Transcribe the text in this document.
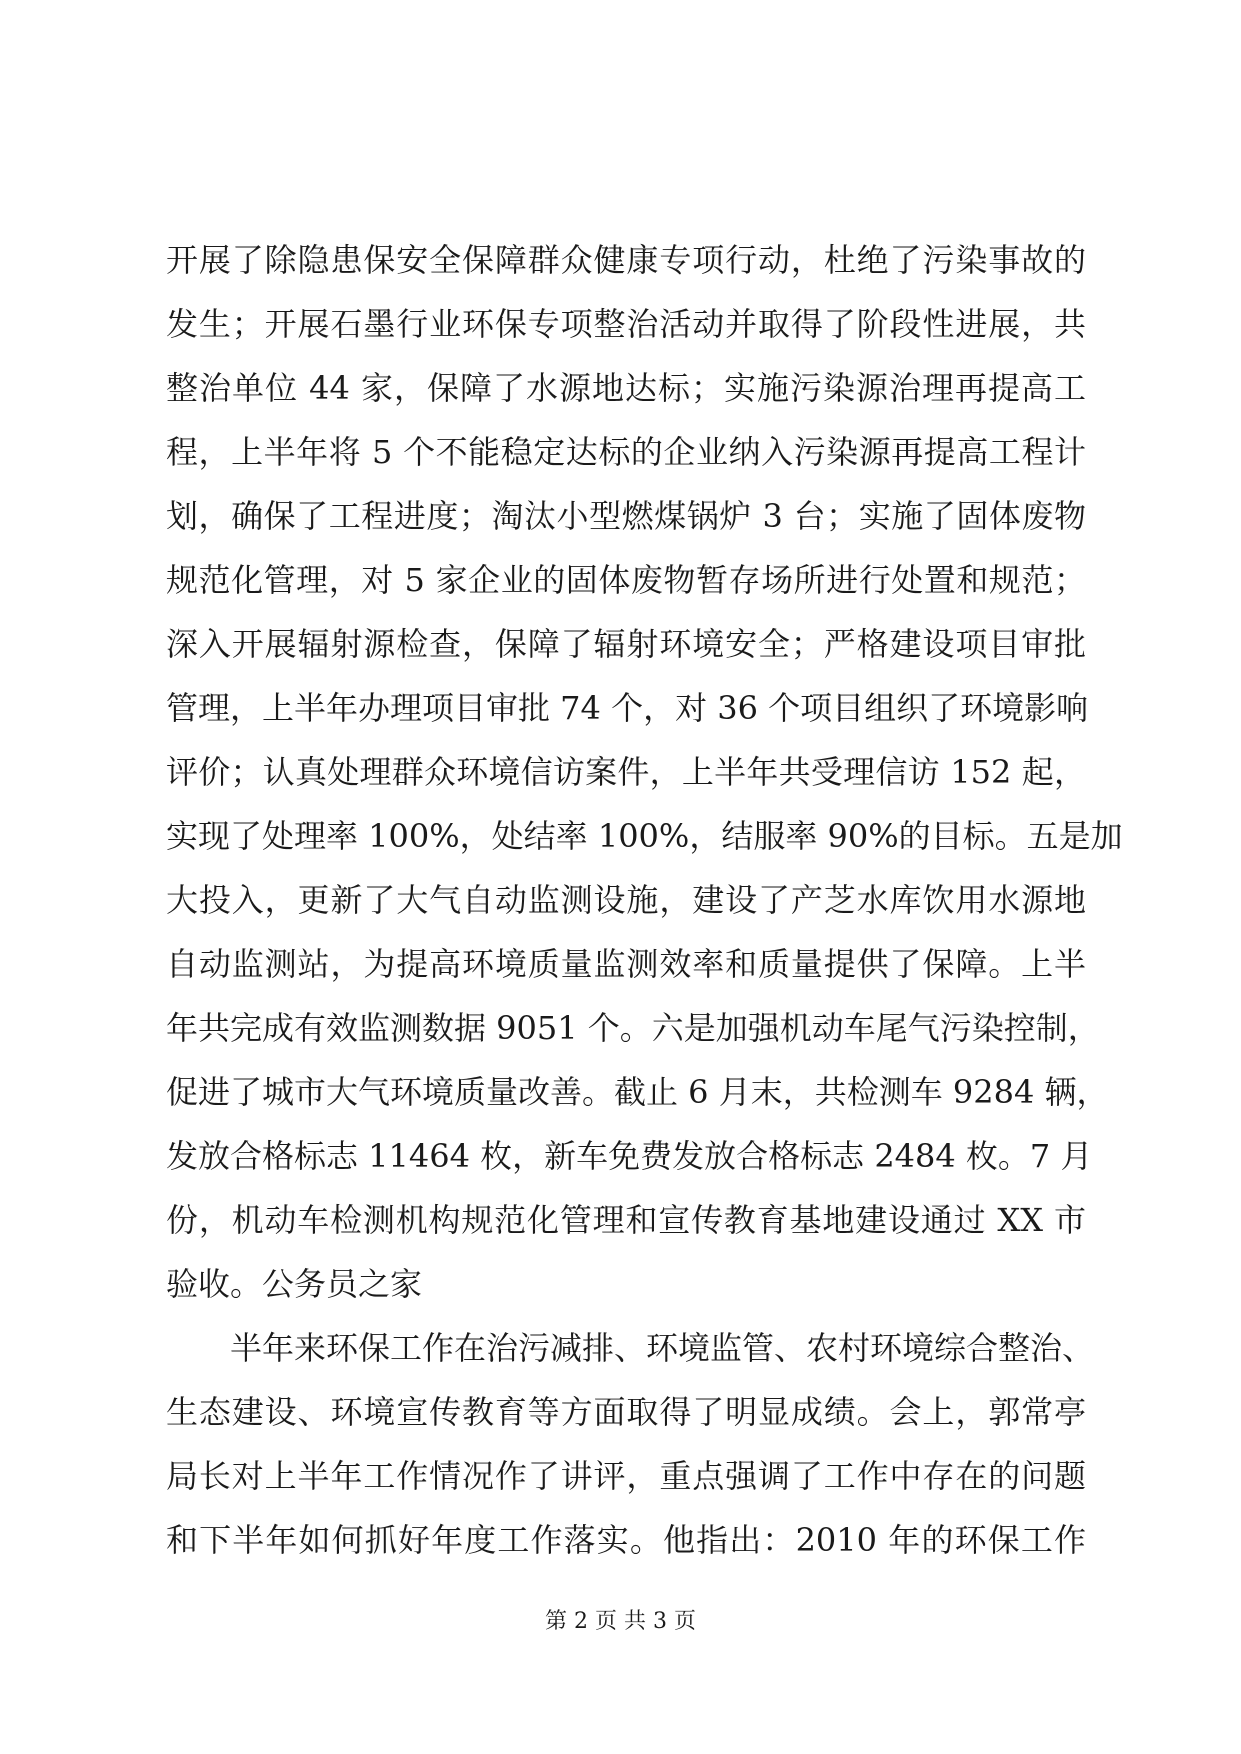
开展了除隐患保安全保障群众健康专项行动，杜绝了污染事故的
发生；开展石墨行业环保专项整治活动并取得了阶段性进展，共
整治单位 44 家，保障了水源地达标；实施污染源治理再提高工
程，上半年将 5 个不能稳定达标的企业纳入污染源再提高工程计
划，确保了工程进度；淘汰小型燃煤锅炉 3 台；实施了固体废物
规范化管理，对 5 家企业的固体废物暂存场所进行处置和规范；
深入开展辐射源检查，保障了辐射环境安全；严格建设项目审批
管理，上半年办理项目审批 74 个，对 36 个项目组织了环境影响
评价；认真处理群众环境信访案件，上半年共受理信访 152 起，
实现了处理率 100%，处结率 100%，结服率 90%的目标。五是加
大投入，更新了大气自动监测设施，建设了产芝水库饮用水源地
自动监测站，为提高环境质量监测效率和质量提供了保障。上半
年共完成有效监测数据 9051 个。六是加强机动车尾气污染控制，
促进了城市大气环境质量改善。截止 6 月末，共检测车 9284 辆，
发放合格标志 11464 枚，新车免费发放合格标志 2484 枚。7 月
份，机动车检测机构规范化管理和宣传教育基地建设通过 XX 市
验收。公务员之家
半年来环保工作在治污减排、环境监管、农村环境综合整治、
生态建设、环境宣传教育等方面取得了明显成绩。会上，郭常亭
局长对上半年工作情况作了讲评，重点强调了工作中存在的问题
和下半年如何抓好年度工作落实。他指出：2010 年的环保工作
第 2 页 共 3 页
